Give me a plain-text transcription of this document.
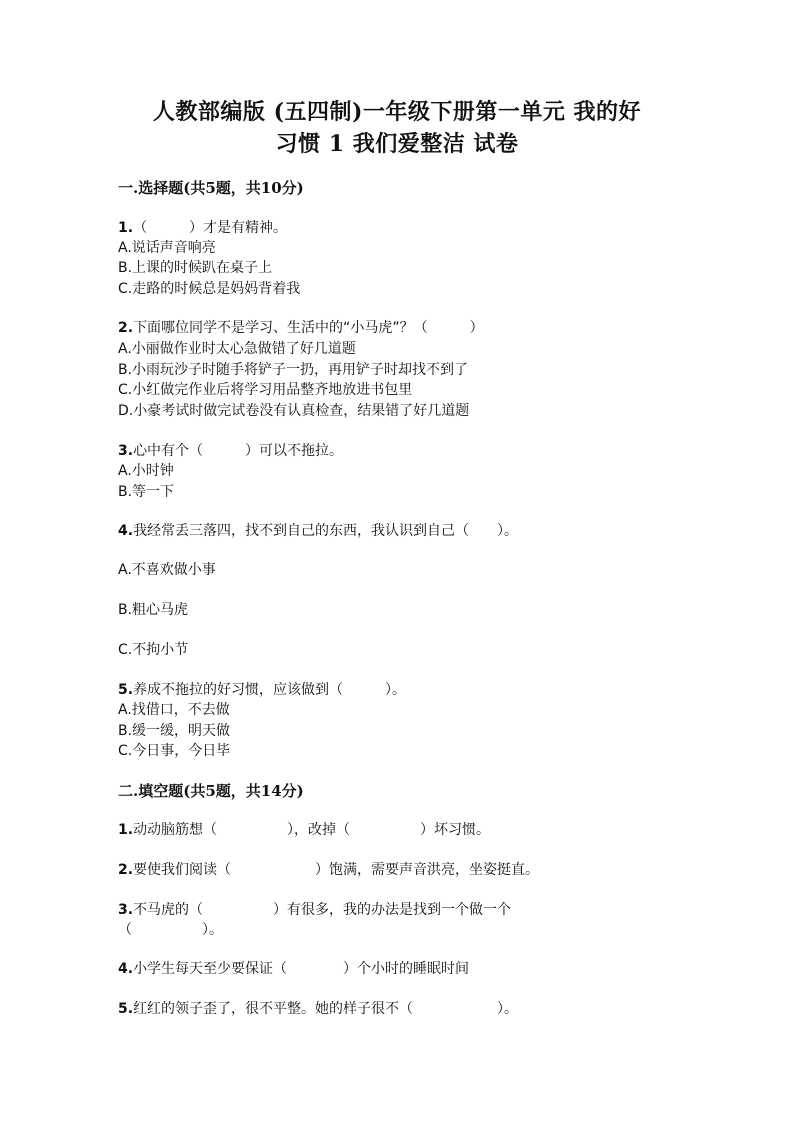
人教部编版 (五四制)一年级下册第一单元 我的好
习惯 1 我们爱整洁 试卷
一.选择题(共5题，共10分)
1.（　　　）才是有精神。
A.说话声音响亮
B.上课的时候趴在桌子上
C.走路的时候总是妈妈背着我
2.下面哪位同学不是学习、生活中的“小马虎”？（　　　）
A.小丽做作业时太心急做错了好几道题
B.小雨玩沙子时随手将铲子一扔，再用铲子时却找不到了
C.小红做完作业后将学习用品整齐地放进书包里
D.小豪考试时做完试卷没有认真检查，结果错了好几道题
3.心中有个（　　　）可以不拖拉。
A.小时钟
B.等一下
4.我经常丢三落四，找不到自己的东西，我认识到自己（　　）。
A.不喜欢做小事
B.粗心马虎
C.不拘小节
5.养成不拖拉的好习惯，应该做到（　　　）。
A.找借口，不去做
B.缓一缓，明天做
C.今日事，今日毕
二.填空题(共5题，共14分)
1.动动脑筋想（　　　　　），改掉（　　　　　）坏习惯。
2.要使我们阅读（　　　　　　）饱满，需要声音洪亮，坐姿挺直。
3.不马虎的（　　　　　）有很多，我的办法是找到一个做一个
（　　　　　）。
4.小学生每天至少要保证（　　　　）个小时的睡眠时间
5.红红的领子歪了，很不平整。她的样子很不（　　　　　　）。
